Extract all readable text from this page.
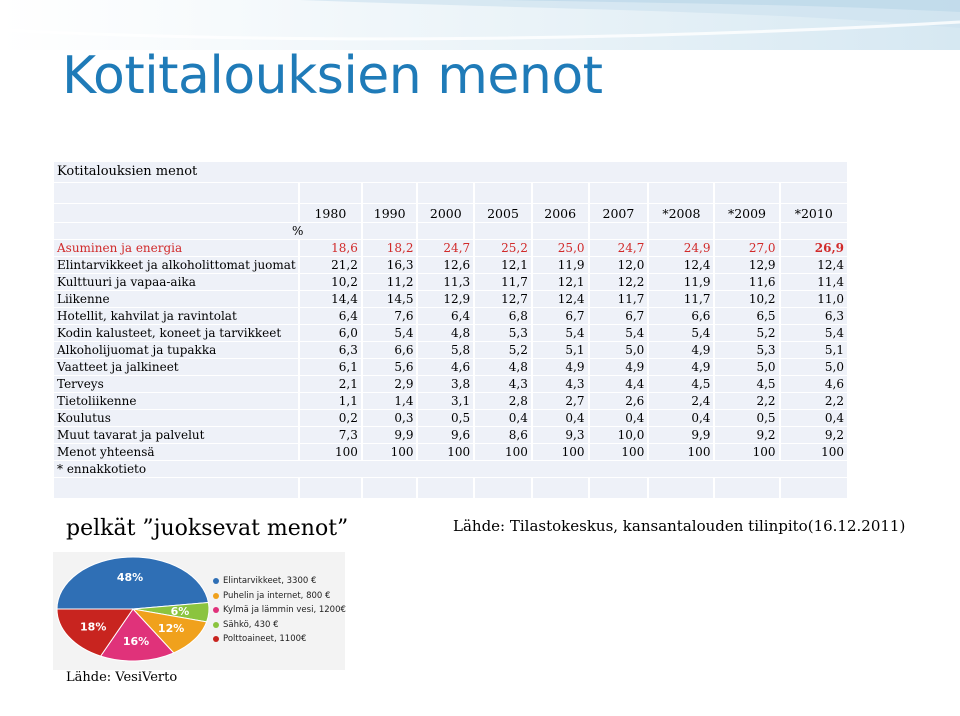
Kotitalouksien menot
Kotitalouksien menot									

	1980	1990	2000	2005	2006	2007	*2008	*2009	*2010
%									
Asuminen ja energia	18,6	18,2	24,7	25,2	25,0	24,7	24,9	27,0	26,9
Elintarvikkeet ja alkoholittomat juomat	21,2	16,3	12,6	12,1	11,9	12,0	12,4	12,9	12,4
Kulttuuri ja vapaa-aika	10,2	11,2	11,3	11,7	12,1	12,2	11,9	11,6	11,4
Liikenne	14,4	14,5	12,9	12,7	12,4	11,7	11,7	10,2	11,0
Hotellit, kahvilat ja ravintolat	6,4	7,6	6,4	6,8	6,7	6,7	6,6	6,5	6,3
Kodin kalusteet, koneet ja tarvikkeet	6,0	5,4	4,8	5,3	5,4	5,4	5,4	5,2	5,4
Alkoholijuomat ja tupakka	6,3	6,6	5,8	5,2	5,1	5,0	4,9	5,3	5,1
Vaatteet ja jalkineet	6,1	5,6	4,6	4,8	4,9	4,9	4,9	5,0	5,0
Terveys	2,1	2,9	3,8	4,3	4,3	4,4	4,5	4,5	4,6
Tietoliikenne	1,1	1,4	3,1	2,8	2,7	2,6	2,4	2,2	2,2
Koulutus	0,2	0,3	0,5	0,4	0,4	0,4	0,4	0,5	0,4
Muut tavarat ja palvelut	7,3	9,9	9,6	8,6	9,3	10,0	9,9	9,2	9,2
Menot yhteensä	100	100	100	100	100	100	100	100	100
* ennakkotieto									

pelkät ”juoksevat menot”	Lähde: Tilastokeskus, kansantalouden tilinpito(16.12.2011)
48%
6%
12%
16%
18%
Elintarvikkeet, 3300 €
Puhelin ja internet, 800 €
Kylmä ja lämmin vesi, 1200€
Sähkö, 430 €
Polttoaineet, 1100€
Lähde: VesiVerto
